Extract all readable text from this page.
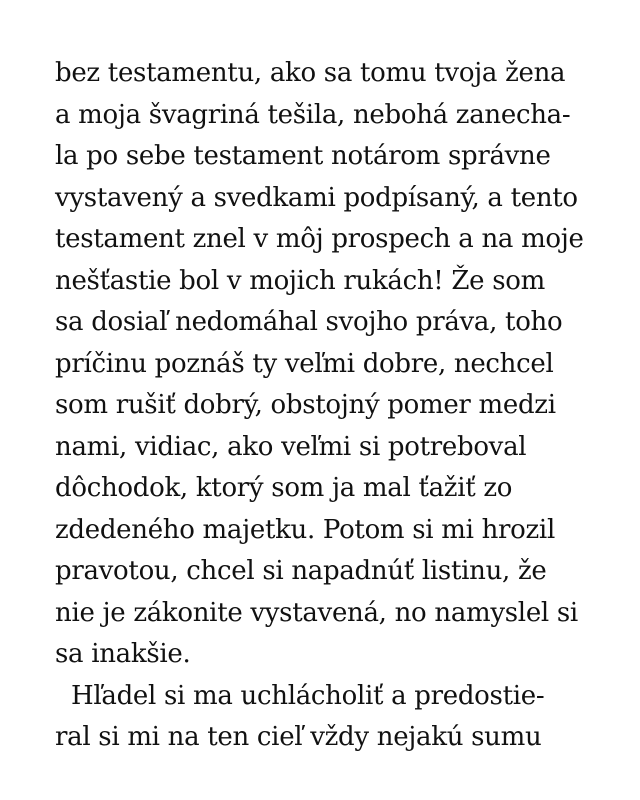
bez testamentu, ako sa tomu tvoja žena
a moja švagriná tešila, nebohá zanecha-
la po sebe testament notárom správne
vystavený a svedkami podpísaný, a tento
testament znel v môj prospech a na moje
nešťastie bol v mojich rukách! Že som
sa dosiaľ nedomáhal svojho práva, toho
príčinu poznáš ty veľmi dobre, nechcel
som rušiť dobrý, obstojný pomer medzi
nami, vidiac, ako veľmi si potreboval
dôchodok, ktorý som ja mal ťažiť zo
zdedeného majetku. Potom si mi hrozil
pravotou, chcel si napadnúť listinu, že
nie je zákonite vystavená, no namyslel si
sa inakšie.
Hľadel si ma uchlácholiť a predostie-
ral si mi na ten cieľ vždy nejakú sumu
